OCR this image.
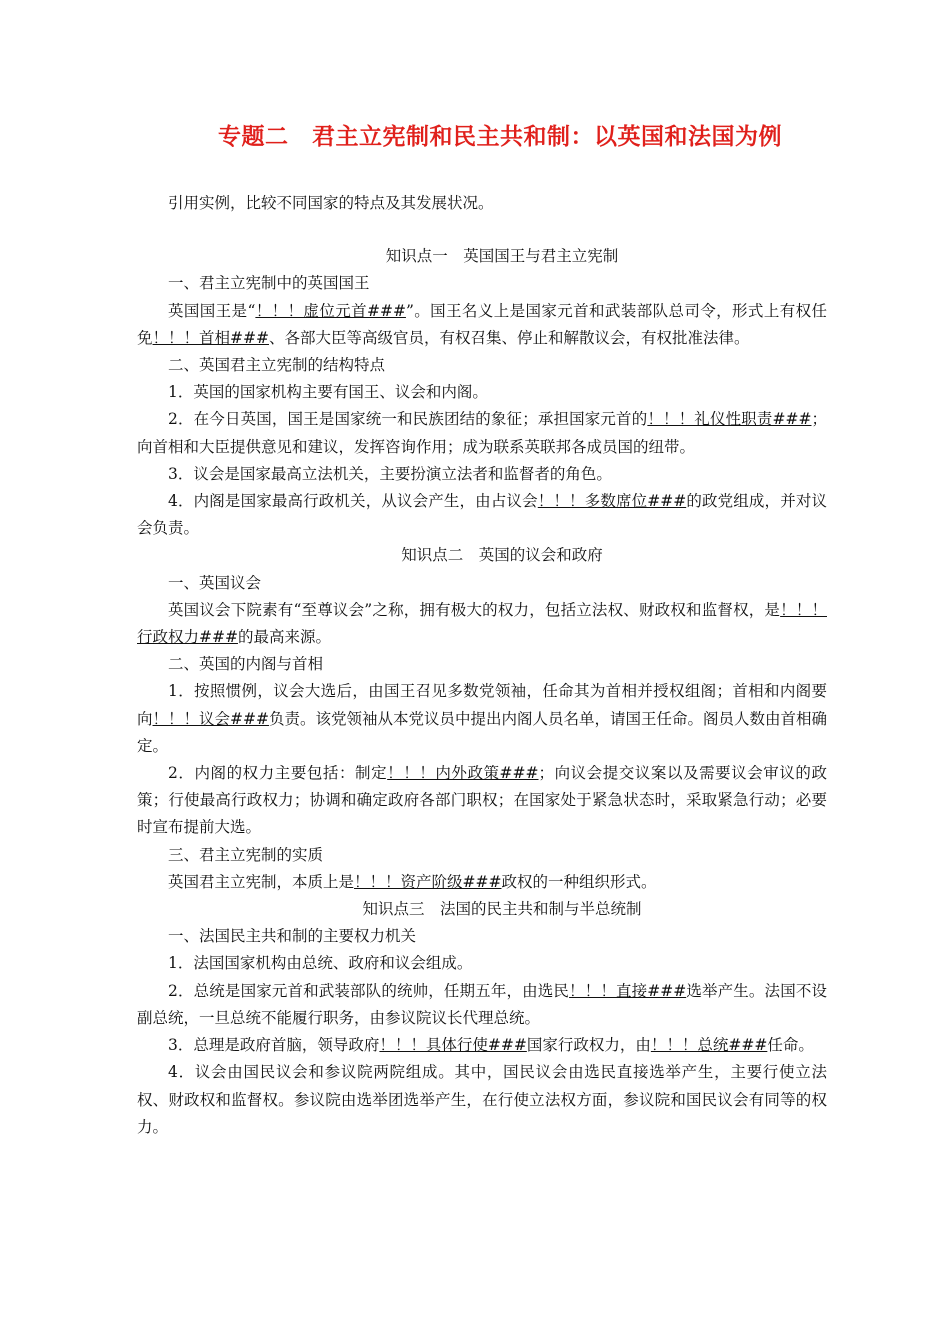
专题二　君主立宪制和民主共和制：以英国和法国为例

引用实例，比较不同国家的特点及其发展状况。

知识点一　英国国王与君主立宪制

一、君主立宪制中的英国国王

英国国王是“！！！虚位元首###”。国王名义上是国家元首和武装部队总司令，形式上有权任免！！！首相###、各部大臣等高级官员，有权召集、停止和解散议会，有权批准法律。

二、英国君主立宪制的结构特点

1．英国的国家机构主要有国王、议会和内阁。

2．在今日英国，国王是国家统一和民族团结的象征；承担国家元首的！！！礼仪性职责###；向首相和大臣提供意见和建议，发挥咨询作用；成为联系英联邦各成员国的纽带。

3．议会是国家最高立法机关，主要扮演立法者和监督者的角色。

4．内阁是国家最高行政机关，从议会产生，由占议会！！！多数席位###的政党组成，并对议会负责。

知识点二　英国的议会和政府

一、英国议会

英国议会下院素有“至尊议会”之称，拥有极大的权力，包括立法权、财政权和监督权，是！！！行政权力###的最高来源。

二、英国的内阁与首相

1．按照惯例，议会大选后，由国王召见多数党领袖，任命其为首相并授权组阁；首相和内阁要向！！！议会###负责。该党领袖从本党议员中提出内阁人员名单，请国王任命。阁员人数由首相确定。

2．内阁的权力主要包括：制定！！！内外政策###；向议会提交议案以及需要议会审议的政策；行使最高行政权力；协调和确定政府各部门职权；在国家处于紧急状态时，采取紧急行动；必要时宣布提前大选。

三、君主立宪制的实质

英国君主立宪制，本质上是！！！资产阶级###政权的一种组织形式。

知识点三　法国的民主共和制与半总统制

一、法国民主共和制的主要权力机关

1．法国国家机构由总统、政府和议会组成。

2．总统是国家元首和武装部队的统帅，任期五年，由选民！！！直接###选举产生。法国不设副总统，一旦总统不能履行职务，由参议院议长代理总统。

3．总理是政府首脑，领导政府！！！具体行使###国家行政权力，由！！！总统###任命。

4．议会由国民议会和参议院两院组成。其中，国民议会由选民直接选举产生，主要行使立法权、财政权和监督权。参议院由选举团选举产生，在行使立法权方面，参议院和国民议会有同等的权力。
